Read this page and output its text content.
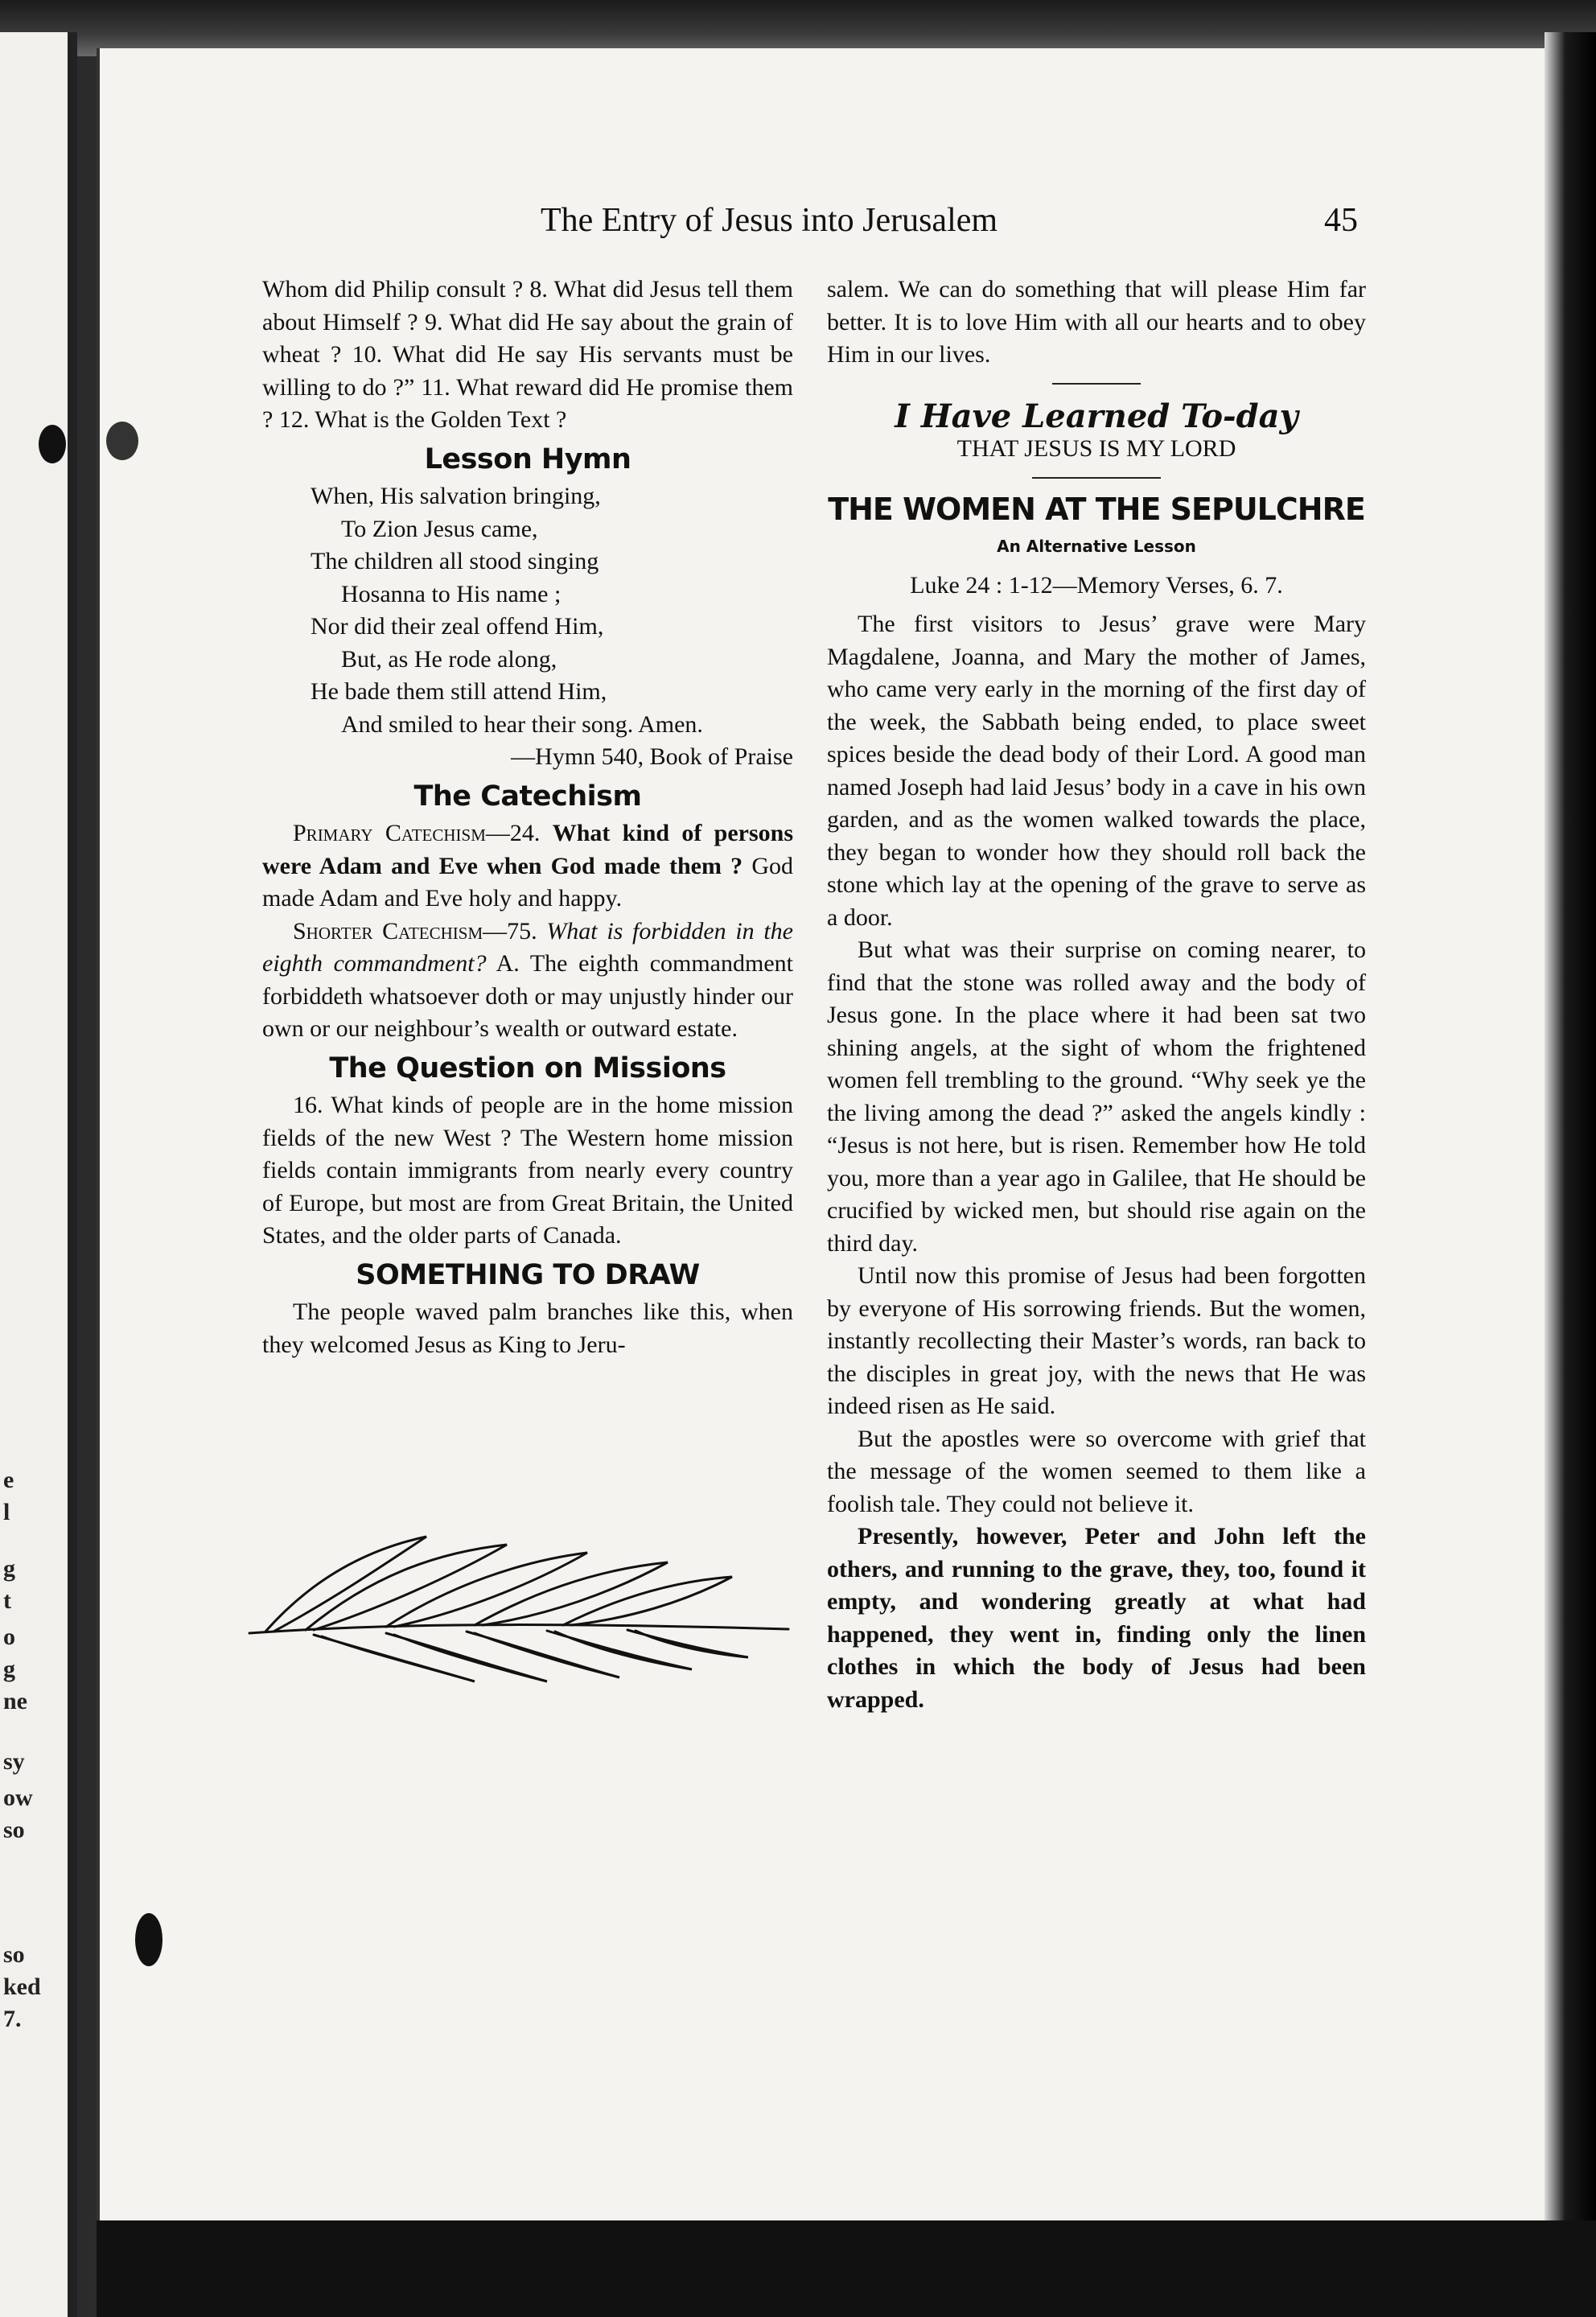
e
l
g
t
o
g
ne
sy
ow
so
so
ked
7.
The Entry of Jesus into Jerusalem	45

Whom did Philip consult ? 8. What did Jesus tell them about Himself ? 9. What did He say about the grain of wheat ? 10. What did He say His servants must be willing to do ?” 11. What reward did He promise them ? 12. What is the Golden Text ?

Lesson Hymn
When, His salvation bringing,
To Zion Jesus came,
The children all stood singing
Hosanna to His name ;
Nor did their zeal offend Him,
But, as He rode along,
He bade them still attend Him,
And smiled to hear their song. Amen.
—Hymn 540, Book of Praise
The Catechism

Primary Catechism—24. What kind of persons were Adam and Eve when God made them ? God made Adam and Eve holy and happy.

Shorter Catechism—75. What is forbidden in the eighth commandment? A. The eighth commandment forbiddeth whatsoever doth or may unjustly hinder our own or our neighbour’s wealth or outward estate.

The Question on Missions

16. What kinds of people are in the home mission fields of the new West ? The Western home mission fields contain immigrants from nearly every country of Europe, but most are from Great Britain, the United States, and the older parts of Canada.

SOMETHING TO DRAW

The people waved palm branches like this, when they welcomed Jesus as King to Jeru-

salem. We can do something that will please Him far better. It is to love Him with all our hearts and to obey Him in our lives.

I Have Learned To-day
THAT JESUS IS MY LORD
THE WOMEN AT THE SEPULCHRE
An Alternative Lesson
Luke 24 : 1-12—Memory Verses, 6. 7.

The first visitors to Jesus’ grave were Mary Magdalene, Joanna, and Mary the mother of James, who came very early in the morning of the first day of the week, the Sabbath being ended, to place sweet spices beside the dead body of their Lord. A good man named Joseph had laid Jesus’ body in a cave in his own garden, and as the women walked towards the place, they began to wonder how they should roll back the stone which lay at the opening of the grave to serve as a door.

But what was their surprise on coming nearer, to find that the stone was rolled away and the body of Jesus gone. In the place where it had been sat two shining angels, at the sight of whom the frightened women fell trembling to the ground. “Why seek ye the the living among the dead ?” asked the angels kindly : “Jesus is not here, but is risen. Remember how He told you, more than a year ago in Galilee, that He should be crucified by wicked men, but should rise again on the third day.

Until now this promise of Jesus had been forgotten by everyone of His sorrowing friends. But the women, instantly recollecting their Master’s words, ran back to the disciples in great joy, with the news that He was indeed risen as He said.

But the apostles were so overcome with grief that the message of the women seemed to them like a foolish tale. They could not believe it.

Presently, however, Peter and John left the others, and running to the grave, they, too, found it empty, and wondering greatly at what had happened, they went in, finding only the linen clothes in which the body of Jesus had been wrapped.
